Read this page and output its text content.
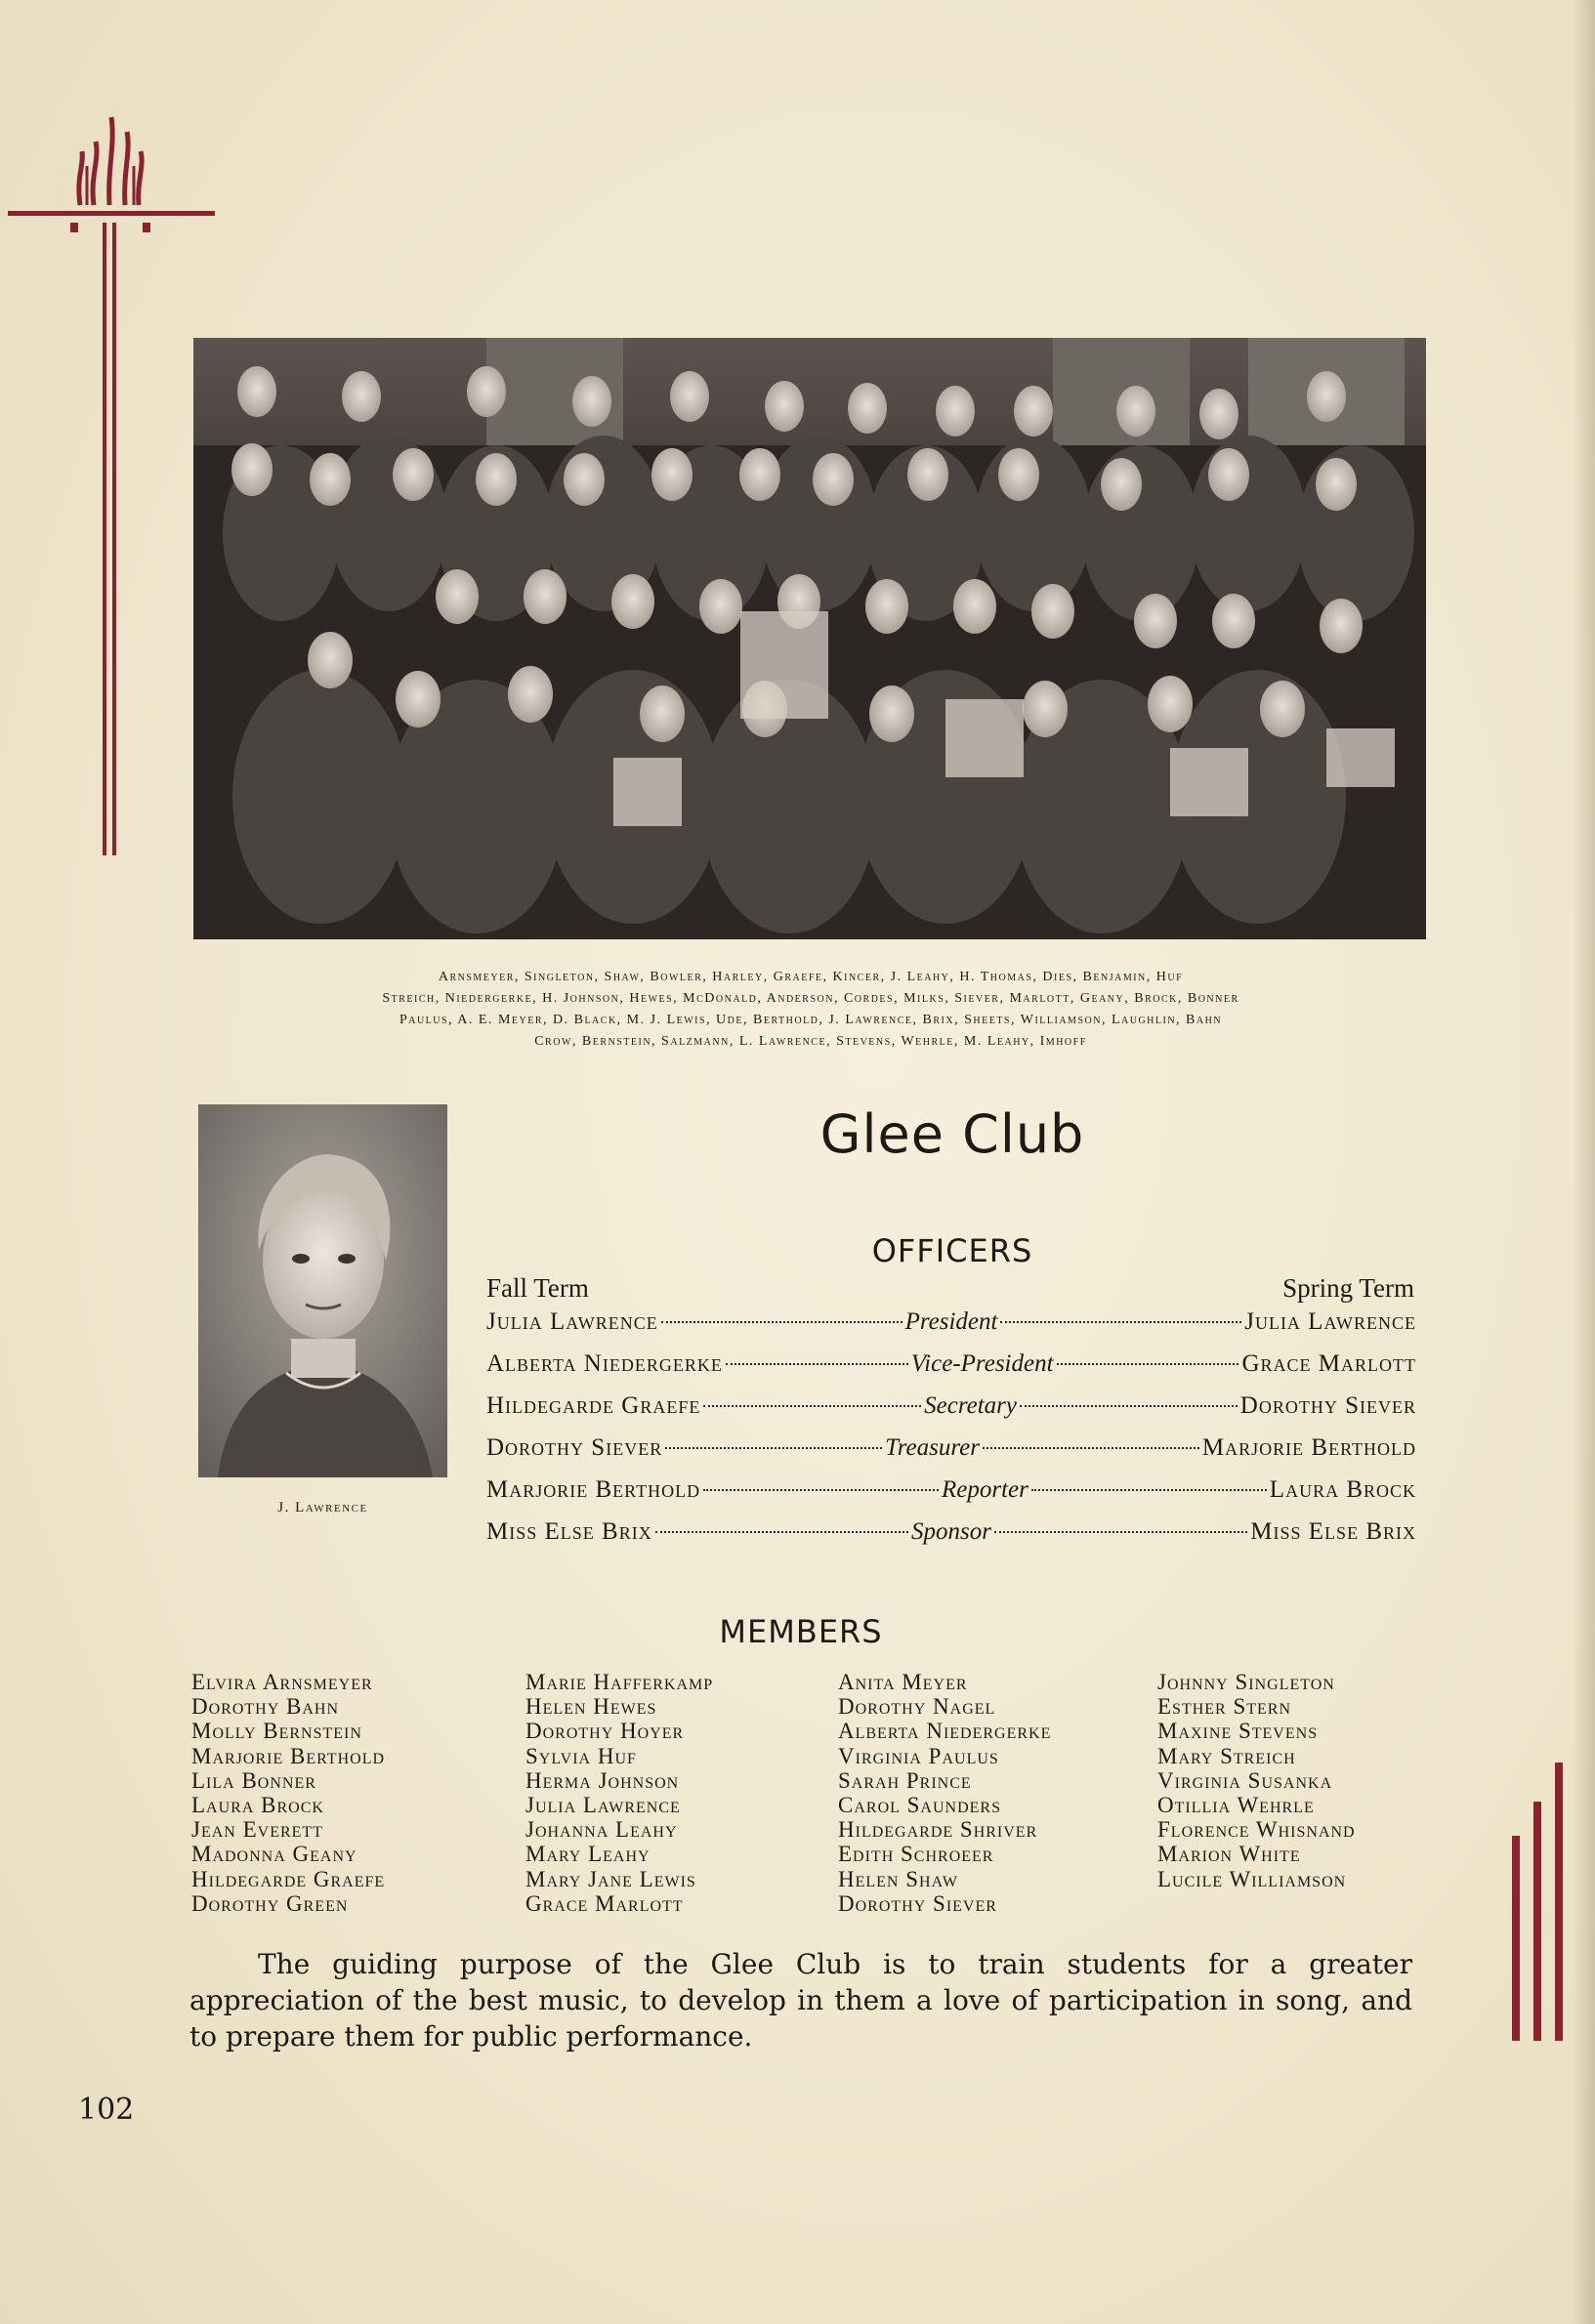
Arnsmeyer, Singleton, Shaw, Bowler, Harley, Graefe, Kincer, J. Leahy, H. Thomas, Dies, Benjamin, Huf
Streich, Niedergerke, H. Johnson, Hewes, McDonald, Anderson, Cordes, Milks, Siever, Marlott, Geany, Brock, Bonner
Paulus, A. E. Meyer, D. Black, M. J. Lewis, Ude, Berthold, J. Lawrence, Brix, Sheets, Williamson, Laughlin, Bahn
Crow, Bernstein, Salzmann, L. Lawrence, Stevens, Wehrle, M. Leahy, Imhoff
J. Lawrence
Glee Club
OFFICERS
Fall Term	Spring Term
Julia Lawrence	President	Julia Lawrence
Alberta Niedergerke	Vice-President	Grace Marlott
Hildegarde Graefe	Secretary	Dorothy Siever
Dorothy Siever	Treasurer	Marjorie Berthold
Marjorie Berthold	Reporter	Laura Brock
Miss Else Brix	Sponsor	Miss Else Brix
MEMBERS
Elvira Arnsmeyer
Dorothy Bahn
Molly Bernstein
Marjorie Berthold
Lila Bonner
Laura Brock
Jean Everett
Madonna Geany
Hildegarde Graefe
Dorothy Green
Marie Hafferkamp
Helen Hewes
Dorothy Hoyer
Sylvia Huf
Herma Johnson
Julia Lawrence
Johanna Leahy
Mary Leahy
Mary Jane Lewis
Grace Marlott
Anita Meyer
Dorothy Nagel
Alberta Niedergerke
Virginia Paulus
Sarah Prince
Carol Saunders
Hildegarde Shriver
Edith Schroeer
Helen Shaw
Dorothy Siever
Johnny Singleton
Esther Stern
Maxine Stevens
Mary Streich
Virginia Susanka
Otillia Wehrle
Florence Whisnand
Marion White
Lucile Williamson

The guiding purpose of the Glee Club is to train students for a greater appreciation of the best music, to develop in them a love of participation in song, and to prepare them for public performance.

102
